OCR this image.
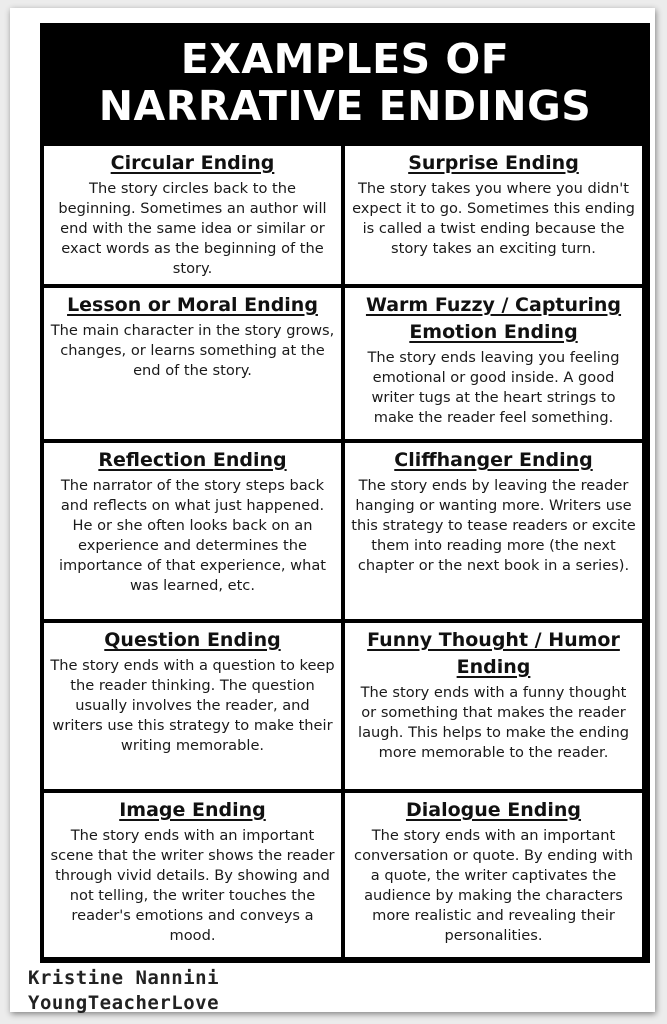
EXAMPLES OF
NARRATIVE ENDINGS
Circular Ending
The story circles back to the beginning. Sometimes an author will end with the same idea or similar or exact words as the beginning of the story.
Surprise Ending
The story takes you where you didn't expect it to go. Sometimes this ending is called a twist ending because the story takes an exciting turn.
Lesson or Moral Ending
The main character in the story grows, changes, or learns something at the end of the story.
Warm Fuzzy / Capturing Emotion Ending
The story ends leaving you feeling emotional or good inside. A good writer tugs at the heart strings to make the reader feel something.
Reflection Ending
The narrator of the story steps back and reflects on what just happened. He or she often looks back on an experience and determines the importance of that experience, what was learned, etc.
Cliffhanger Ending
The story ends by leaving the reader hanging or wanting more. Writers use this strategy to tease readers or excite them into reading more (the next chapter or the next book in a series).
Question Ending
The story ends with a question to keep the reader thinking. The question usually involves the reader, and writers use this strategy to make their writing memorable.
Funny Thought / Humor Ending
The story ends with a funny thought or something that makes the reader laugh. This helps to make the ending more memorable to the reader.
Image Ending
The story ends with an important scene that the writer shows the reader through vivid details. By showing and not telling, the writer touches the reader's emotions and conveys a mood.
Dialogue Ending
The story ends with an important conversation or quote. By ending with a quote, the writer captivates the audience by making the characters more realistic and revealing their personalities.
Kristine Nannini
YoungTeacherLove
